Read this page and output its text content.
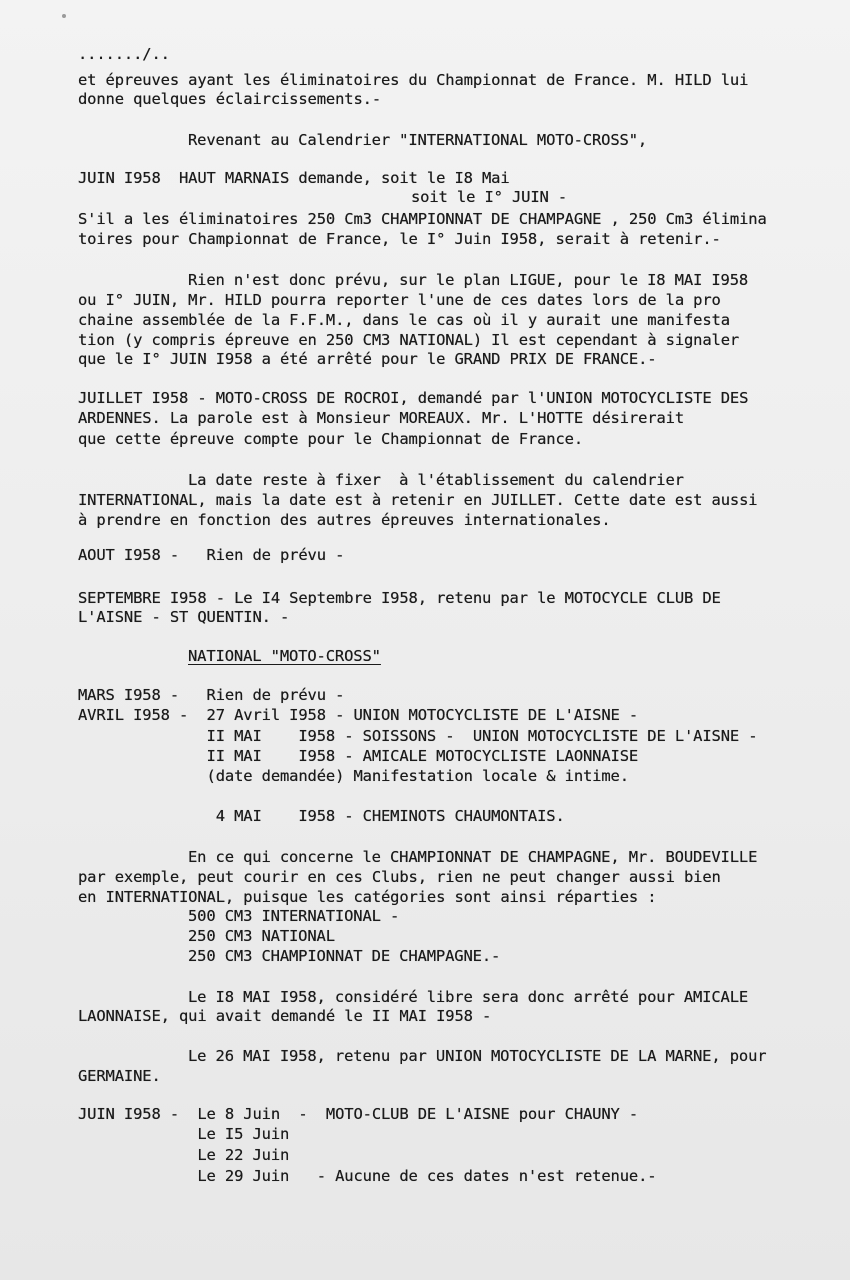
......./..
et épreuves ayant les éliminatoires du Championnat de France. M. HILD lui
donne quelques éclaircissements.-
Revenant au Calendrier "INTERNATIONAL MOTO-CROSS",
JUIN I958  HAUT MARNAIS demande, soit le I8 Mai
soit le I° JUIN -
S'il a les éliminatoires 250 Cm3 CHAMPIONNAT DE CHAMPAGNE , 250 Cm3 élimina
toires pour Championnat de France, le I° Juin I958, serait à retenir.-
Rien n'est donc prévu, sur le plan LIGUE, pour le I8 MAI I958
ou I° JUIN, Mr. HILD pourra reporter l'une de ces dates lors de la pro
chaine assemblée de la F.F.M., dans le cas où il y aurait une manifesta
tion (y compris épreuve en 250 CM3 NATIONAL) Il est cependant à signaler
que le I° JUIN I958 a été arrêté pour le GRAND PRIX DE FRANCE.-
JUILLET I958 - MOTO-CROSS DE ROCROI, demandé par l'UNION MOTOCYCLISTE DES
ARDENNES. La parole est à Monsieur MOREAUX. Mr. L'HOTTE désirerait
que cette épreuve compte pour le Championnat de France.
La date reste à fixer  à l'établissement du calendrier
INTERNATIONAL, mais la date est à retenir en JUILLET. Cette date est aussi
à prendre en fonction des autres épreuves internationales.
AOUT I958 -   Rien de prévu -
SEPTEMBRE I958 - Le I4 Septembre I958, retenu par le MOTOCYCLE CLUB DE
L'AISNE - ST QUENTIN. -
NATIONAL "MOTO-CROSS"
MARS I958 -   Rien de prévu -
AVRIL I958 -  27 Avril I958 - UNION MOTOCYCLISTE DE L'AISNE -
II MAI    I958 - SOISSONS -  UNION MOTOCYCLISTE DE L'AISNE -
II MAI    I958 - AMICALE MOTOCYCLISTE LAONNAISE
(date demandée) Manifestation locale & intime.
4 MAI    I958 - CHEMINOTS CHAUMONTAIS.
En ce qui concerne le CHAMPIONNAT DE CHAMPAGNE, Mr. BOUDEVILLE
par exemple, peut courir en ces Clubs, rien ne peut changer aussi bien
en INTERNATIONAL, puisque les catégories sont ainsi réparties :
500 CM3 INTERNATIONAL -
250 CM3 NATIONAL
250 CM3 CHAMPIONNAT DE CHAMPAGNE.-
Le I8 MAI I958, considéré libre sera donc arrêté pour AMICALE
LAONNAISE, qui avait demandé le II MAI I958 -
Le 26 MAI I958, retenu par UNION MOTOCYCLISTE DE LA MARNE, pour
GERMAINE.
JUIN I958 -  Le 8 Juin  -  MOTO-CLUB DE L'AISNE pour CHAUNY -
Le I5 Juin
Le 22 Juin
Le 29 Juin   - Aucune de ces dates n'est retenue.-
